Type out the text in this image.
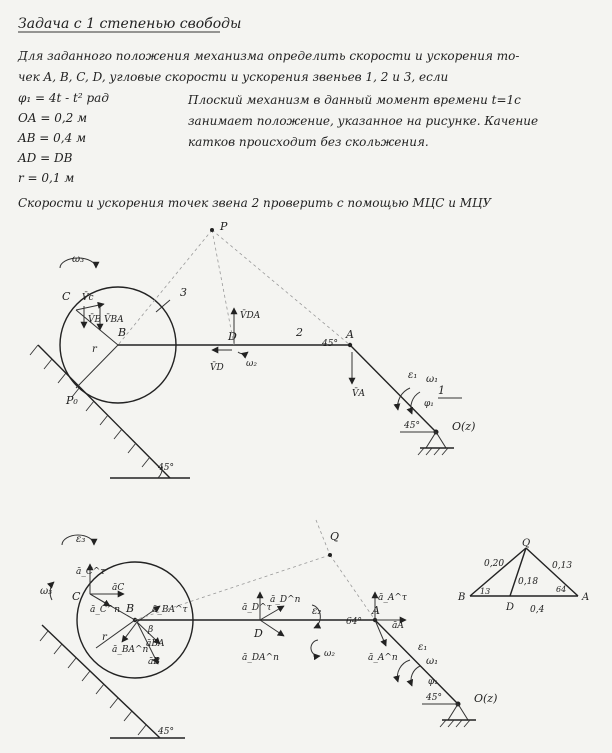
Задача с 1 степенью свободы
Для заданного положения механизма определить скорости и ускорения то-
чек A, B, C, D, угловые скорости и ускорения звеньев 1, 2 и 3, если
φ₁ = 4t - t² рад
OA = 0,2 м
AB = 0,4 м
AD = DB
r = 0,1 м
Плоский механизм в данный момент времени t=1с
занимает положение, указанное на рисунке. Качение
катков происходит без скольжения.
Скорости и ускорения точек звена 2 проверить с помощью МЦС и МЦУ
45°
r
C
B
P₀
3
ω₃
V̄c
V̄B V̄BA
2
D
V̄DA
V̄D ω₂
P
A
45°
V̄A
ε₁ ω₁
φ₁
1
45°	O(z)
45°
r
C
B
ε₃
ω₃
ā_C^τ
āC
ā_C^n	ā_BA^τ
ā_BA^n
āBA
āB
β	D
ā_D^τ
ā_D^n
ā_DA^n
ε₂
ω₂
Q
A
64°
ā_A^τ
āA
ā_A^n
ε₁
ω₁
φ₁
45°	O(z)
Q
B
D
A
0,20	0,13
0,18
13
0,4
64
